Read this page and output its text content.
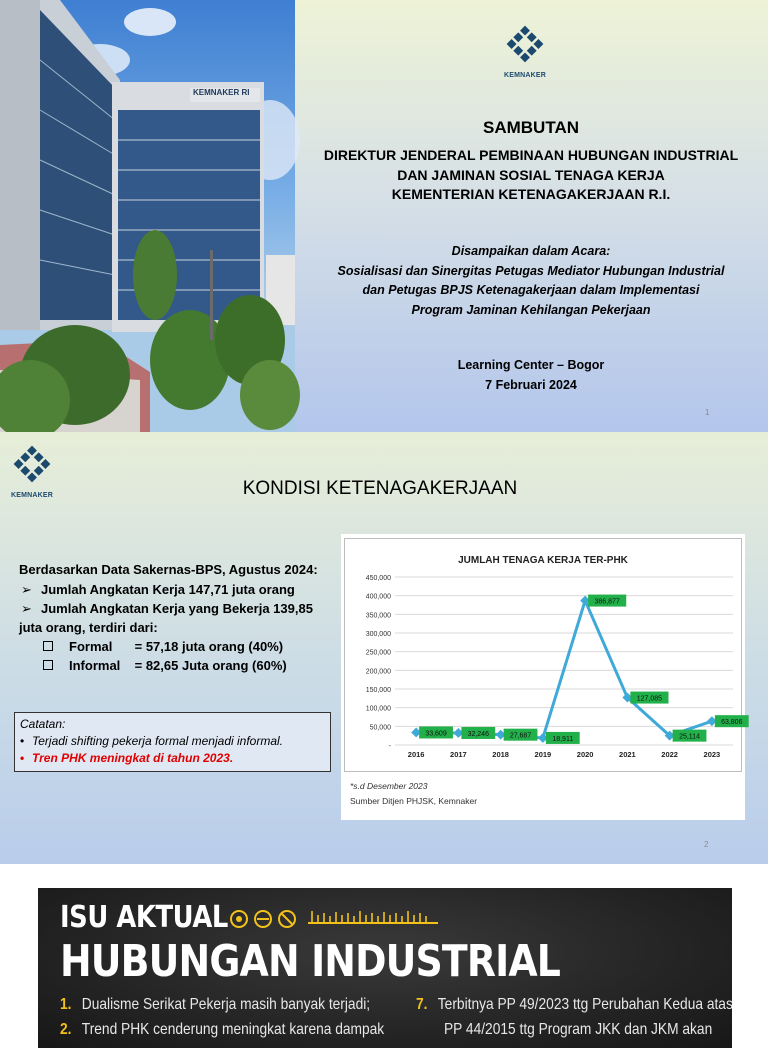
KEMNAKER RI
KEMNAKER
SAMBUTAN
DIREKTUR JENDERAL PEMBINAAN HUBUNGAN INDUSTRIAL
DAN JAMINAN SOSIAL TENAGA KERJA
KEMENTERIAN KETENAGAKERJAAN R.I.
Disampaikan dalam Acara:
Sosialisasi dan Sinergitas Petugas Mediator Hubungan Industrial
dan Petugas BPJS Ketenagakerjaan dalam Implementasi
Program Jaminan Kehilangan Pekerjaan
Learning Center – Bogor
7 Februari 2024
1
KEMNAKER	KONDISI KETENAGAKERJAAN
Berdasarkan Data Sakernas-BPS, Agustus 2024:
➢ Jumlah Angkatan Kerja 147,71 juta orang
➢ Jumlah Angkatan Kerja yang Bekerja 139,85
juta orang, terdiri dari:
Formal = 57,18 juta orang (40%)
Informal = 82,65 Juta orang (60%)
Catatan:
• Terjadi shifting pekerja formal menjadi informal.
• Tren PHK meningkat di tahun 2023.
JUMLAH TENAGA KERJA TER-PHK
-
50,000
100,000
150,000
200,000
250,000
300,000
350,000
400,000
450,000
2016	2017	2018	2019	2020	2021	2022	2023
33,609	32,246	27,687	18,911
386,877
127,085
25,114
63,806
*s.d Desember 2023
Sumber Ditjen PHJSK, Kemnaker
2
ISU AKTUAL
HUBUNGAN INDUSTRIAL
1. Dualisme Serikat Pekerja masih banyak terjadi;
2. Trend PHK cenderung meningkat karena dampak
7. Terbitnya PP 49/2023 ttg Perubahan Kedua atas
PP 44/2015 ttg Program JKK dan JKM akan
